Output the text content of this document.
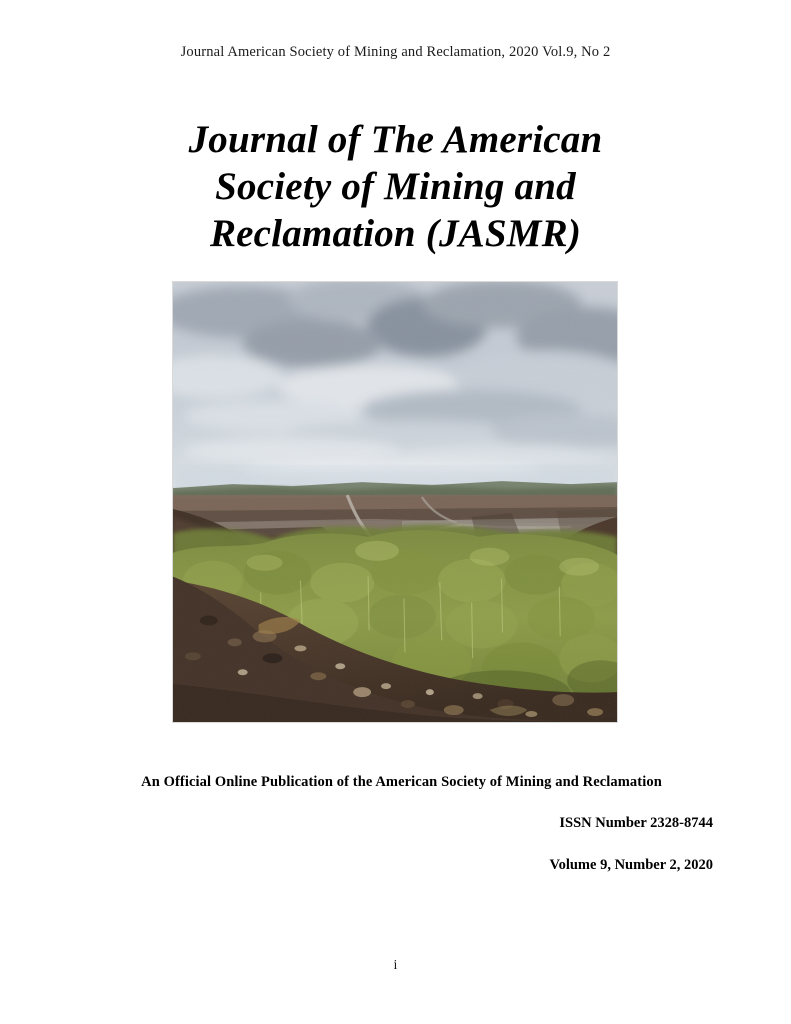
Journal American Society of Mining and Reclamation, 2020 Vol.9, No 2
Journal of The American
Society of Mining and
Reclamation (JASMR)
An Official Online Publication of the American Society of Mining and Reclamation
ISSN Number 2328-8744
Volume 9, Number 2, 2020
i
